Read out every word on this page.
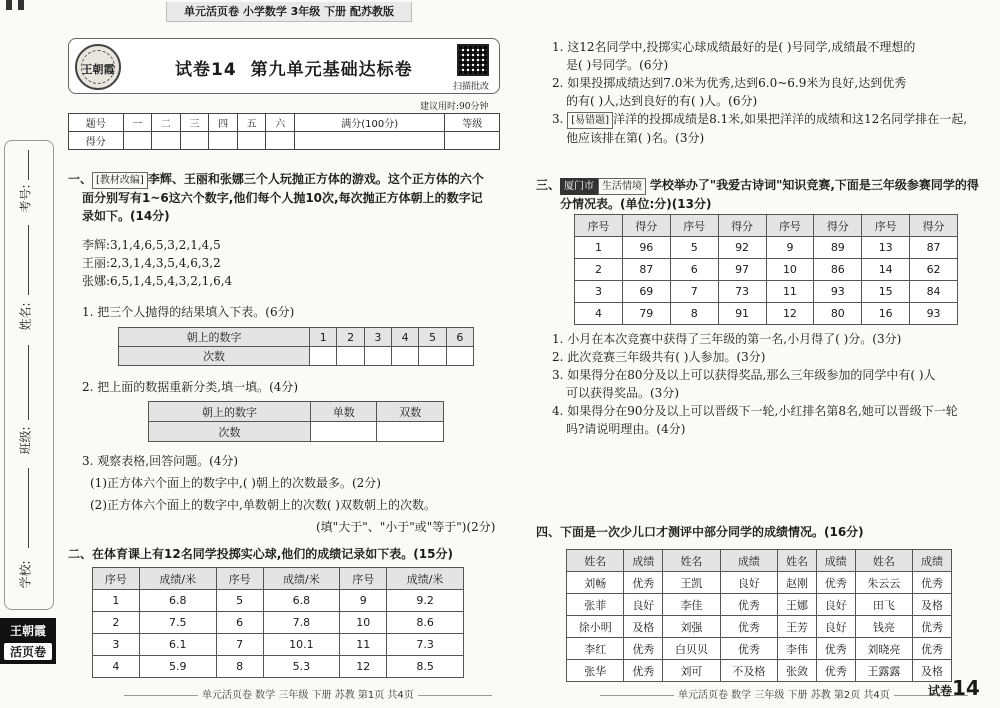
单元活页卷 小学数学 3年级 下册 配苏教版
考号:
姓名:
班级:
学校:
王朝霞
活页卷
王朝霞	试卷14 第九单元基础达标卷
扫描批改
建议用时:90分钟
题号	一	二	三	四	五	六	满分(100分)	等级
得分								
一、 [教材改编] 李辉、王丽和张娜三个人玩抛正方体的游戏。这个正方体的六个
面分别写有1~6这六个数字,他们每个人抛10次,每次抛正方体朝上的数字记
录如下。(14分)
李辉:3,1,4,6,5,3,2,1,4,5
王丽:2,3,1,4,3,5,4,6,3,2
张娜:6,5,1,4,5,4,3,2,1,6,4
1. 把三个人抛得的结果填入下表。(6分)
朝上的数字	1	2	3	4	5	6
次数						
2. 把上面的数据重新分类,填一填。(4分)
朝上的数字	单数	双数
次数		
3. 观察表格,回答问题。(4分)
(1)正方体六个面上的数字中,( )朝上的次数最多。(2分)
(2)正方体六个面上的数字中,单数朝上的次数( )双数朝上的次数。
(填"大于"、"小于"或"等于")(2分)
二、在体育课上有12名同学投掷实心球,他们的成绩记录如下表。(15分)
序号	成绩/米	序号	成绩/米	序号	成绩/米
1	6.8	5	6.8	9	9.2
2	7.5	6	7.8	10	8.6
3	6.1	7	10.1	11	7.3
4	5.9	8	5.3	12	8.5
1. 这12名同学中,投掷实心球成绩最好的是( )号同学,成绩最不理想的
是( )号同学。(6分)
2. 如果投掷成绩达到7.0米为优秀,达到6.0~6.9米为良好,达到优秀
的有( )人,达到良好的有( )人。(6分)
3. [易错题] 洋洋的投掷成绩是8.1米,如果把洋洋的成绩和这12名同学排在一起,
他应该排在第( )名。(3分)
三、 厦门市 生活情境 学校举办了"我爱古诗词"知识竞赛,下面是三年级参赛同学的得
分情况表。(单位:分)(13分)
序号	得分	序号	得分	序号	得分	序号	得分
1	96	5	92	9	89	13	87
2	87	6	97	10	86	14	62
3	69	7	73	11	93	15	84
4	79	8	91	12	80	16	93
1. 小月在本次竞赛中获得了三年级的第一名,小月得了( )分。(3分)
2. 此次竞赛三年级共有( )人参加。(3分)
3. 如果得分在80分及以上可以获得奖品,那么三年级参加的同学中有( )人
可以获得奖品。(3分)
4. 如果得分在90分及以上可以晋级下一轮,小红排名第8名,她可以晋级下一轮
吗?请说明理由。(4分)
四、下面是一次少儿口才测评中部分同学的成绩情况。(16分)
姓名	成绩	姓名	成绩	姓名	成绩	姓名	成绩
刘畅	优秀	王凯	良好	赵刚	优秀	朱云云	优秀
张菲	良好	李佳	优秀	王娜	良好	田飞	及格
徐小明	及格	刘强	优秀	王芳	良好	钱亮	优秀
李红	优秀	白贝贝	优秀	李伟	优秀	刘晓亮	优秀
张华	优秀	刘可	不及格	张敛	优秀	王露露	及格
单元活页卷 数学 三年级 下册 苏教 第1页 共4页	单元活页卷 数学 三年级 下册 苏教 第2页 共4页	试卷14
